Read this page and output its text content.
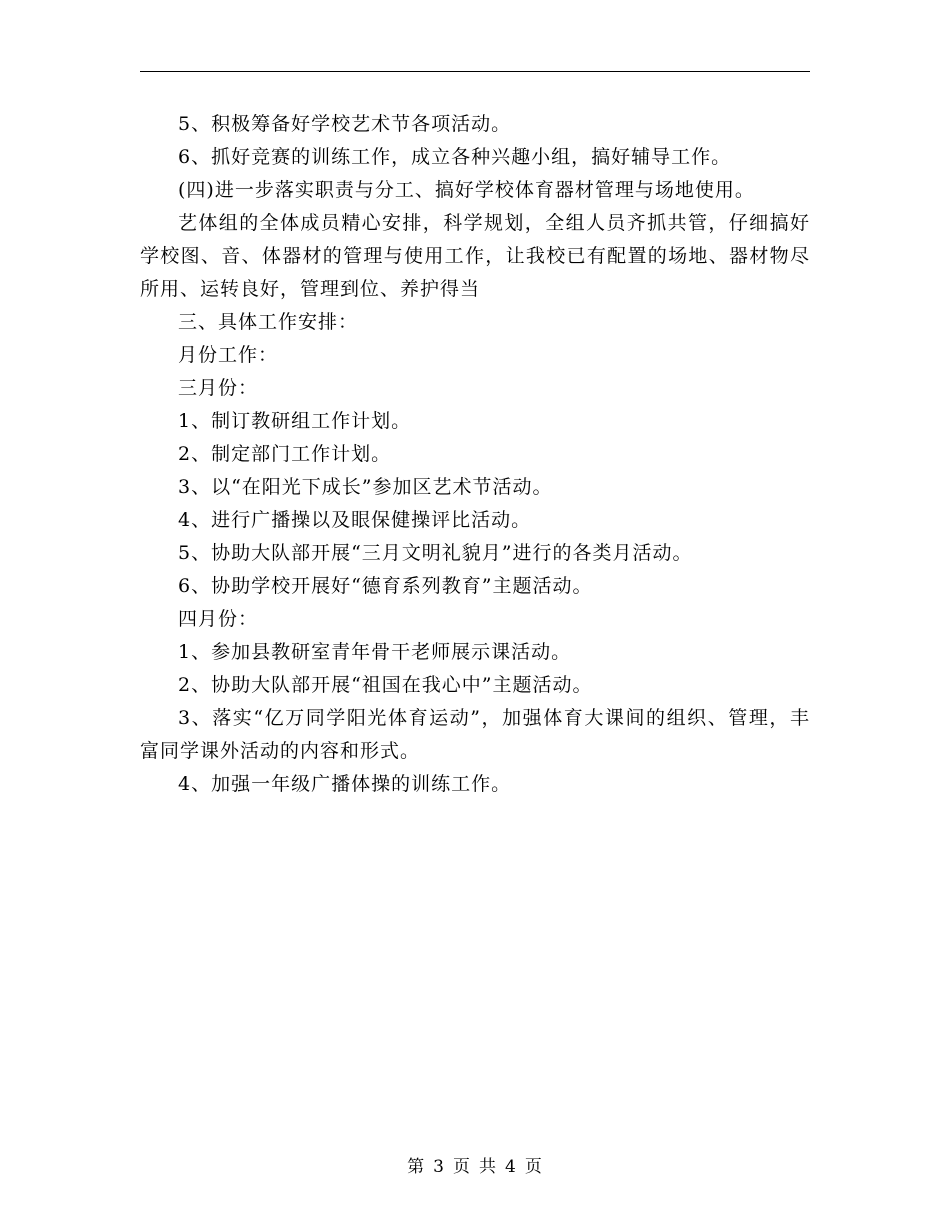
5、积极筹备好学校艺术节各项活动。

6、抓好竞赛的训练工作，成立各种兴趣小组，搞好辅导工作。

(四)进一步落实职责与分工、搞好学校体育器材管理与场地使用。

艺体组的全体成员精心安排，科学规划，全组人员齐抓共管，仔细搞好学校图、音、体器材的管理与使用工作，让我校已有配置的场地、器材物尽所用、运转良好，管理到位、养护得当

三、具体工作安排：

月份工作：

三月份：

1、制订教研组工作计划。

2、制定部门工作计划。

3、以“在阳光下成长”参加区艺术节活动。

4、进行广播操以及眼保健操评比活动。

5、协助大队部开展“三月文明礼貌月”进行的各类月活动。

6、协助学校开展好“德育系列教育”主题活动。

四月份：

1、参加县教研室青年骨干老师展示课活动。

2、协助大队部开展“祖国在我心中”主题活动。

3、落实“亿万同学阳光体育运动”，加强体育大课间的组织、管理，丰富同学课外活动的内容和形式。

4、加强一年级广播体操的训练工作。

第 3 页 共 4 页
